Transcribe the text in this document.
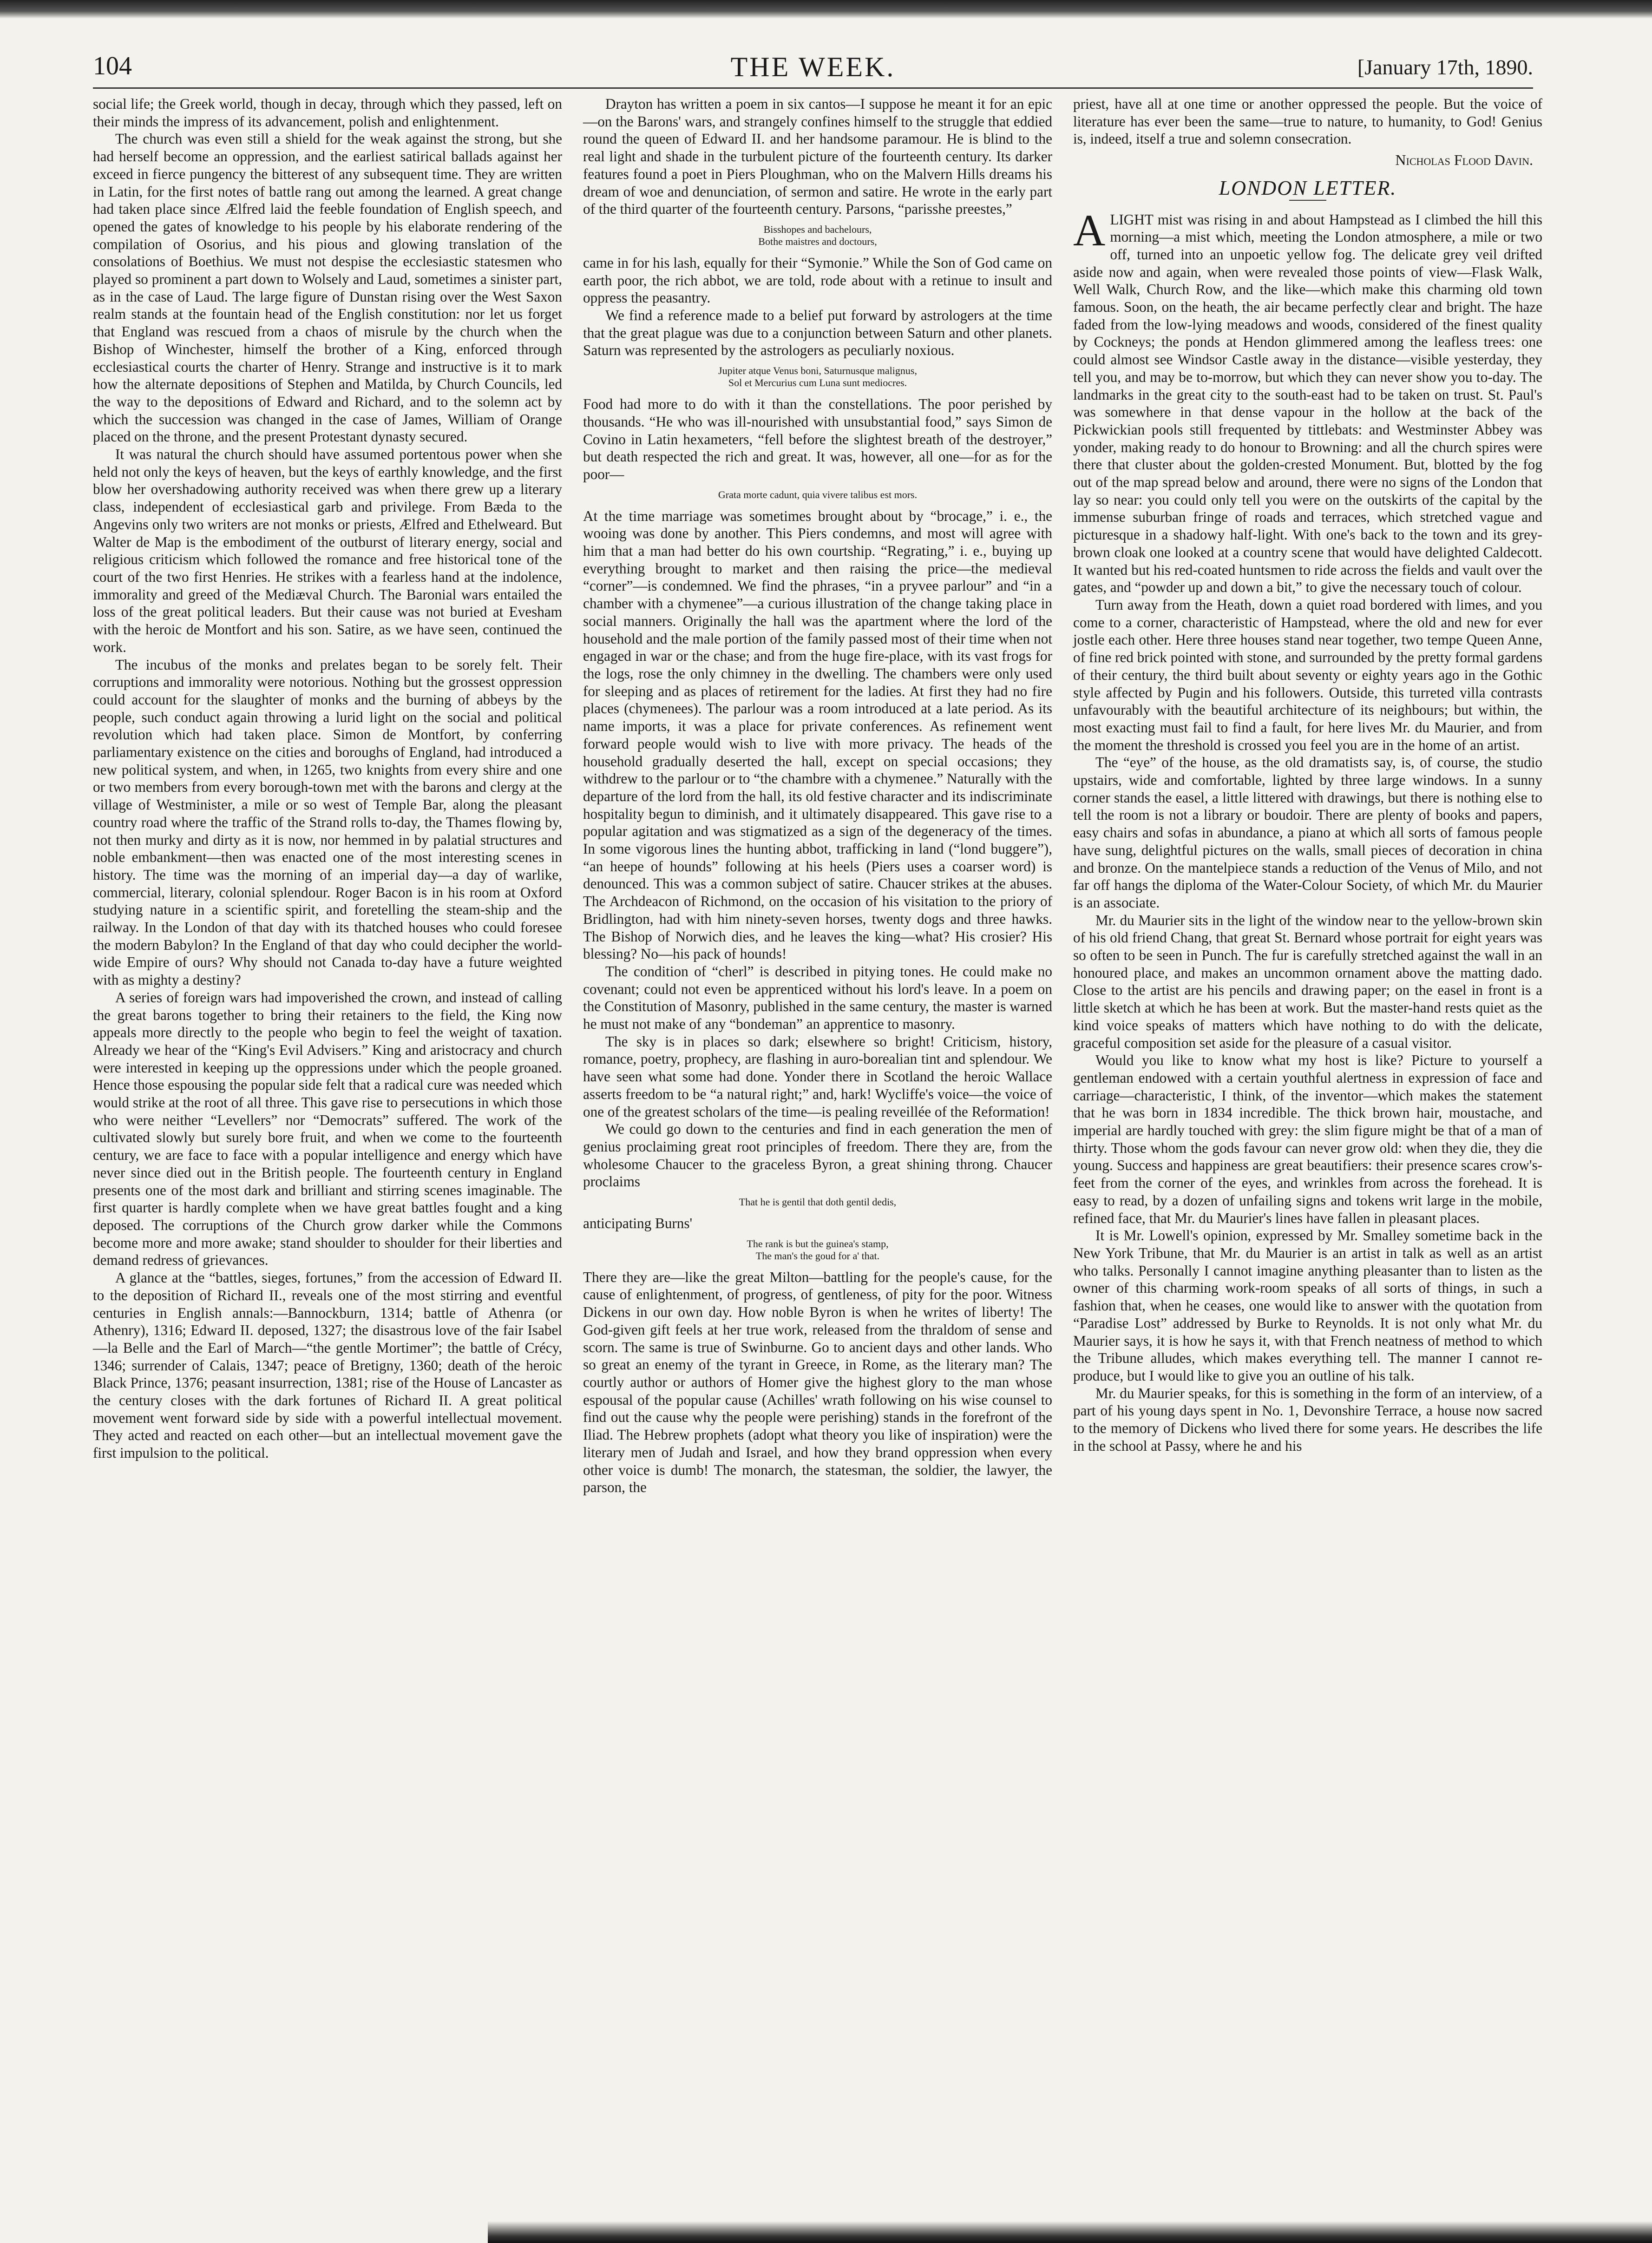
104	THE WEEK.	[January 17th, 1890.

social life; the Greek world, though in decay, through which they passed, left on their minds the impress of its advancement, polish and enlightenment.

The church was even still a shield for the weak against the strong, but she had herself become an oppression, and the earliest satirical ballads against her exceed in fierce pungency the bitterest of any subsequent time. They are written in Latin, for the first notes of battle rang out among the learned. A great change had taken place since Ælfred laid the feeble foundation of English speech, and opened the gates of knowledge to his people by his elaborate rendering of the compilation of Osorius, and his pious and glowing translation of the consolations of Boethius. We must not despise the ecclesiastic statesmen who played so prominent a part down to Wolsely and Laud, sometimes a sinister part, as in the case of Laud. The large figure of Dunstan rising over the West Saxon realm stands at the fountain head of the English constitution: nor let us forget that England was rescued from a chaos of misrule by the church when the Bishop of Winchester, himself the brother of a King, enforced through ecclesiastical courts the charter of Henry. Strange and instructive is it to mark how the alternate depositions of Stephen and Matilda, by Church Councils, led the way to the depositions of Edward and Richard, and to the solemn act by which the succession was changed in the case of James, William of Orange placed on the throne, and the present Protestant dynasty secured.

It was natural the church should have assumed portentous power when she held not only the keys of heaven, but the keys of earthly knowledge, and the first blow her overshadowing authority received was when there grew up a literary class, independent of ecclesiastical garb and privilege. From Bæda to the Angevins only two writers are not monks or priests, Ælfred and Ethelweard. But Walter de Map is the embodiment of the outburst of literary energy, social and religious criticism which followed the romance and free historical tone of the court of the two first Henries. He strikes with a fearless hand at the indolence, immorality and greed of the Mediæval Church. The Baronial wars entailed the loss of the great political leaders. But their cause was not buried at Evesham with the heroic de Montfort and his son. Satire, as we have seen, continued the work.

The incubus of the monks and prelates began to be sorely felt. Their corruptions and immorality were notorious. Nothing but the grossest oppression could account for the slaughter of monks and the burning of abbeys by the people, such conduct again throwing a lurid light on the social and political revolution which had taken place. Simon de Montfort, by conferring parliamentary existence on the cities and boroughs of England, had introduced a new political system, and when, in 1265, two knights from every shire and one or two members from every borough-town met with the barons and clergy at the village of Westminister, a mile or so west of Temple Bar, along the pleasant country road where the traffic of the Strand rolls to-day, the Thames flowing by, not then murky and dirty as it is now, nor hemmed in by palatial structures and noble embankment—then was enacted one of the most interesting scenes in history. The time was the morning of an imperial day—a day of warlike, commercial, literary, colonial splendour. Roger Bacon is in his room at Oxford studying nature in a scientific spirit, and foretelling the steam-ship and the railway. In the London of that day with its thatched houses who could foresee the modern Babylon? In the England of that day who could decipher the world-wide Empire of ours? Why should not Canada to-day have a future weighted with as mighty a destiny?

A series of foreign wars had impoverished the crown, and instead of calling the great barons together to bring their retainers to the field, the King now appeals more directly to the people who begin to feel the weight of taxation. Already we hear of the “King's Evil Advisers.” King and aristocracy and church were interested in keeping up the oppressions under which the people groaned. Hence those espousing the popular side felt that a radical cure was needed which would strike at the root of all three. This gave rise to persecutions in which those who were neither “Levellers” nor “Democrats” suffered. The work of the cultivated slowly but surely bore fruit, and when we come to the fourteenth century, we are face to face with a popular intelligence and energy which have never since died out in the British people. The fourteenth century in England presents one of the most dark and brilliant and stirring scenes imaginable. The first quarter is hardly complete when we have great battles fought and a king deposed. The corruptions of the Church grow darker while the Commons become more and more awake; stand shoulder to shoulder for their liberties and demand redress of grievances.

A glance at the “battles, sieges, fortunes,” from the accession of Edward II. to the deposition of Richard II., reveals one of the most stirring and eventful centuries in English annals:—Bannockburn, 1314; battle of Athenra (or Athenry), 1316; Edward II. deposed, 1327; the disastrous love of the fair Isabel—la Belle and the Earl of March—“the gentle Mortimer”; the battle of Crécy, 1346; surrender of Calais, 1347; peace of Bretigny, 1360; death of the heroic Black Prince, 1376; peasant insurrection, 1381; rise of the House of Lancaster as the century closes with the dark fortunes of Richard II. A great political movement went forward side by side with a powerful intellectual movement. They acted and reacted on each other—but an intellectual movement gave the first impulsion to the political.

Drayton has written a poem in six cantos—I suppose he meant it for an epic—on the Barons' wars, and strangely confines himself to the struggle that eddied round the queen of Edward II. and her handsome paramour. He is blind to the real light and shade in the turbulent picture of the fourteenth century. Its darker features found a poet in Piers Ploughman, who on the Malvern Hills dreams his dream of woe and denunciation, of sermon and satire. He wrote in the early part of the third quarter of the fourteenth century. Parsons, “parisshe preestes,”

Bisshopes and bachelours,
Bothe maistres and doctours,

came in for his lash, equally for their “Symonie.” While the Son of God came on earth poor, the rich abbot, we are told, rode about with a retinue to insult and oppress the peasantry.

We find a reference made to a belief put forward by astrologers at the time that the great plague was due to a conjunction between Saturn and other planets. Saturn was represented by the astrologers as peculiarly noxious.

Jupiter atque Venus boni, Saturnusque malignus,
Sol et Mercurius cum Luna sunt mediocres.

Food had more to do with it than the constellations. The poor perished by thousands. “He who was ill-nourished with unsubstantial food,” says Simon de Covino in Latin hexameters, “fell before the slightest breath of the destroyer,” but death respected the rich and great. It was, however, all one—for as for the poor—

Grata morte cadunt, quia vivere talibus est mors.

At the time marriage was sometimes brought about by “brocage,” i. e., the wooing was done by another. This Piers condemns, and most will agree with him that a man had better do his own courtship. “Regrating,” i. e., buying up everything brought to market and then raising the price—the medieval “corner”—is condemned. We find the phrases, “in a pryvee parlour” and “in a chamber with a chymenee”—a curious illustration of the change taking place in social manners. Originally the hall was the apartment where the lord of the household and the male portion of the family passed most of their time when not engaged in war or the chase; and from the huge fire-place, with its vast frogs for the logs, rose the only chimney in the dwelling. The chambers were only used for sleeping and as places of retirement for the ladies. At first they had no fire places (chymenees). The parlour was a room introduced at a late period. As its name imports, it was a place for private conferences. As refinement went forward people would wish to live with more privacy. The heads of the household gradually deserted the hall, except on special occasions; they withdrew to the parlour or to “the chambre with a chymenee.” Naturally with the departure of the lord from the hall, its old festive character and its indiscriminate hospitality begun to diminish, and it ultimately disappeared. This gave rise to a popular agitation and was stigmatized as a sign of the degeneracy of the times. In some vigorous lines the hunting abbot, trafficking in land (“lond buggere”), “an heepe of hounds” following at his heels (Piers uses a coarser word) is denounced. This was a common subject of satire. Chaucer strikes at the abuses. The Archdeacon of Richmond, on the occasion of his visitation to the priory of Bridlington, had with him ninety-seven horses, twenty dogs and three hawks. The Bishop of Norwich dies, and he leaves the king—what? His crosier? His blessing? No—his pack of hounds!

The condition of “cherl” is described in pitying tones. He could make no covenant; could not even be apprenticed without his lord's leave. In a poem on the Constitution of Masonry, published in the same century, the master is warned he must not make of any “bondeman” an apprentice to masonry.

The sky is in places so dark; elsewhere so bright! Criticism, history, romance, poetry, prophecy, are flashing in auro-borealian tint and splendour. We have seen what some had done. Yonder there in Scotland the heroic Wallace asserts freedom to be “a natural right;” and, hark! Wycliffe's voice—the voice of one of the greatest scholars of the time—is pealing reveillée of the Reformation!

We could go down to the centuries and find in each generation the men of genius proclaiming great root principles of freedom. There they are, from the wholesome Chaucer to the graceless Byron, a great shining throng. Chaucer proclaims

That he is gentil that doth gentil dedis,

anticipating Burns'

The rank is but the guinea's stamp,
The man's the goud for a' that.

There they are—like the great Milton—battling for the people's cause, for the cause of enlightenment, of progress, of gentleness, of pity for the poor. Witness Dickens in our own day. How noble Byron is when he writes of liberty! The God-given gift feels at her true work, released from the thraldom of sense and scorn. The same is true of Swinburne. Go to ancient days and other lands. Who so great an enemy of the tyrant in Greece, in Rome, as the literary man? The courtly author or authors of Homer give the highest glory to the man whose espousal of the popular cause (Achilles' wrath following on his wise counsel to find out the cause why the people were perishing) stands in the forefront of the Iliad. The Hebrew prophets (adopt what theory you like of inspiration) were the literary men of Judah and Israel, and how they brand oppression when every other voice is dumb! The monarch, the statesman, the soldier, the lawyer, the parson, the

priest, have all at one time or another oppressed the people. But the voice of literature has ever been the same—true to nature, to humanity, to God! Genius is, indeed, itself a true and solemn consecration.

Nicholas Flood Davin.
LONDON LETTER.

ALIGHT mist was rising in and about Hampstead as I climbed the hill this morning—a mist which, meeting the London atmosphere, a mile or two off, turned into an unpoetic yellow fog. The delicate grey veil drifted aside now and again, when were revealed those points of view—Flask Walk, Well Walk, Church Row, and the like—which make this charming old town famous. Soon, on the heath, the air became perfectly clear and bright. The haze faded from the low-lying meadows and woods, considered of the finest quality by Cockneys; the ponds at Hendon glimmered among the leafless trees: one could almost see Windsor Castle away in the distance—visible yesterday, they tell you, and may be to-morrow, but which they can never show you to-day. The landmarks in the great city to the south-east had to be taken on trust. St. Paul's was somewhere in that dense vapour in the hollow at the back of the Pickwickian pools still frequented by tittlebats: and Westminster Abbey was yonder, making ready to do honour to Browning: and all the church spires were there that cluster about the golden-crested Monument. But, blotted by the fog out of the map spread below and around, there were no signs of the London that lay so near: you could only tell you were on the outskirts of the capital by the immense suburban fringe of roads and terraces, which stretched vague and picturesque in a shadowy half-light. With one's back to the town and its grey-brown cloak one looked at a country scene that would have delighted Caldecott. It wanted but his red-coated huntsmen to ride across the fields and vault over the gates, and “powder up and down a bit,” to give the necessary touch of colour.

Turn away from the Heath, down a quiet road bordered with limes, and you come to a corner, characteristic of Hampstead, where the old and new for ever jostle each other. Here three houses stand near together, two tempe Queen Anne, of fine red brick pointed with stone, and surrounded by the pretty formal gardens of their century, the third built about seventy or eighty years ago in the Gothic style affected by Pugin and his followers. Outside, this turreted villa contrasts unfavourably with the beautiful architecture of its neighbours; but within, the most exacting must fail to find a fault, for here lives Mr. du Maurier, and from the moment the threshold is crossed you feel you are in the home of an artist.

The “eye” of the house, as the old dramatists say, is, of course, the studio upstairs, wide and comfortable, lighted by three large windows. In a sunny corner stands the easel, a little littered with drawings, but there is nothing else to tell the room is not a library or boudoir. There are plenty of books and papers, easy chairs and sofas in abundance, a piano at which all sorts of famous people have sung, delightful pictures on the walls, small pieces of decoration in china and bronze. On the mantelpiece stands a reduction of the Venus of Milo, and not far off hangs the diploma of the Water-Colour Society, of which Mr. du Maurier is an associate.

Mr. du Maurier sits in the light of the window near to the yellow-brown skin of his old friend Chang, that great St. Bernard whose portrait for eight years was so often to be seen in Punch. The fur is carefully stretched against the wall in an honoured place, and makes an uncommon ornament above the matting dado. Close to the artist are his pencils and drawing paper; on the easel in front is a little sketch at which he has been at work. But the master-hand rests quiet as the kind voice speaks of matters which have nothing to do with the delicate, graceful composition set aside for the pleasure of a casual visitor.

Would you like to know what my host is like? Picture to yourself a gentleman endowed with a certain youthful alertness in expression of face and carriage—characteristic, I think, of the inventor—which makes the statement that he was born in 1834 incredible. The thick brown hair, moustache, and imperial are hardly touched with grey: the slim figure might be that of a man of thirty. Those whom the gods favour can never grow old: when they die, they die young. Success and happiness are great beautifiers: their presence scares crow's-feet from the corner of the eyes, and wrinkles from across the forehead. It is easy to read, by a dozen of unfailing signs and tokens writ large in the mobile, refined face, that Mr. du Maurier's lines have fallen in pleasant places.

It is Mr. Lowell's opinion, expressed by Mr. Smalley sometime back in the New York Tribune, that Mr. du Maurier is an artist in talk as well as an artist who talks. Personally I cannot imagine anything pleasanter than to listen as the owner of this charming work-room speaks of all sorts of things, in such a fashion that, when he ceases, one would like to answer with the quotation from “Paradise Lost” addressed by Burke to Reynolds. It is not only what Mr. du Maurier says, it is how he says it, with that French neatness of method to which the Tribune alludes, which makes everything tell. The manner I cannot re-produce, but I would like to give you an outline of his talk.

Mr. du Maurier speaks, for this is something in the form of an interview, of a part of his young days spent in No. 1, Devonshire Terrace, a house now sacred to the memory of Dickens who lived there for some years. He describes the life in the school at Passy, where he and his
